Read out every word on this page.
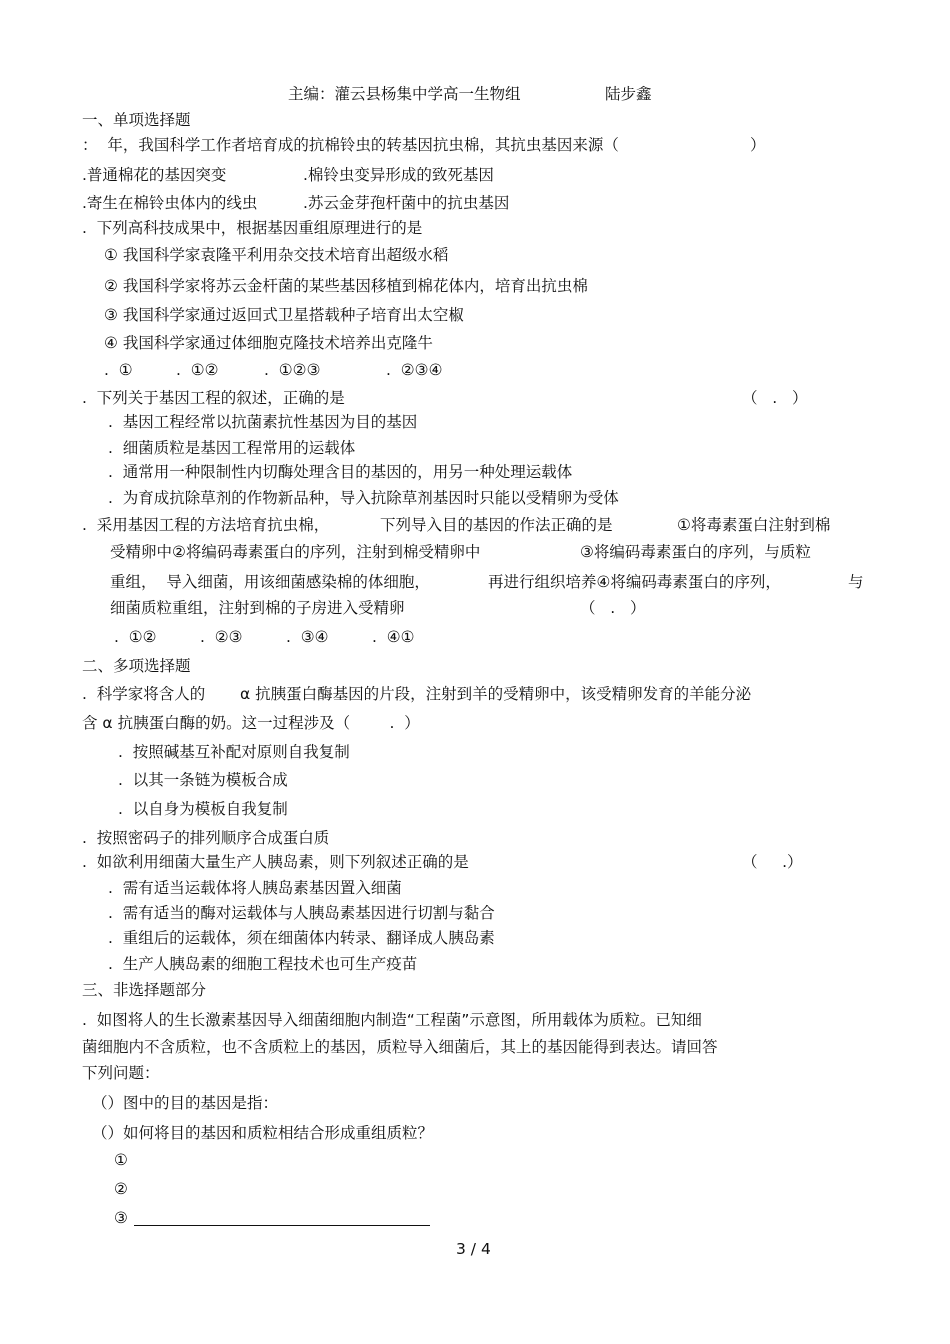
主编：灌云县杨集中学高一生物组	陆步鑫
一、单项选择题
：  年，我国科学工作者培育成的抗棉铃虫的转基因抗虫棉，其抗虫基因来源（	）
.普通棉花的基因突变	.棉铃虫变异形成的致死基因
.寄生在棉铃虫体内的线虫	.苏云金芽孢杆菌中的抗虫基因
.  下列高科技成果中，根据基因重组原理进行的是
① 我国科学家袁隆平利用杂交技术培育出超级水稻
② 我国科学家将苏云金杆菌的某些基因移植到棉花体内，培育出抗虫棉
③ 我国科学家通过返回式卫星搭载种子培育出太空椒
④ 我国科学家通过体细胞克隆技术培养出克隆牛
.  ①	.  ①②	.  ①②③	.  ②③④
.  下列关于基因工程的叙述，正确的是	（   .   ）
.  基因工程经常以抗菌素抗性基因为目的基因
.  细菌质粒是基因工程常用的运载体
.  通常用一种限制性内切酶处理含目的基因的，用另一种处理运载体
.  为育成抗除草剂的作物新品种，导入抗除草剂基因时只能以受精卵为受体
.  采用基因工程的方法培育抗虫棉，	下列导入目的基因的作法正确的是	①将毒素蛋白注射到棉
受精卵中②将编码毒素蛋白的序列，注射到棉受精卵中	③将编码毒素蛋白的序列，与质粒
重组，  导入细菌，用该细菌感染棉的体细胞，	再进行组织培养④将编码毒素蛋白的序列，	与
细菌质粒重组，注射到棉的子房进入受精卵	（   .   ）
.  ①②	.  ②③	.  ③④	.  ④①
二、多项选择题
.  科学家将含人的 α 抗胰蛋白酶基因的片段，注射到羊的受精卵中，该受精卵发育的羊能分泌
含 α 抗胰蛋白酶的奶。这一过程涉及（        .  ）
.  按照碱基互补配对原则自我复制
.  以其一条链为模板合成
.  以自身为模板自我复制
.  按照密码子的排列顺序合成蛋白质
.  如欲利用细菌大量生产人胰岛素，则下列叙述正确的是	（     .）
.  需有适当运载体将人胰岛素基因置入细菌
.  需有适当的酶对运载体与人胰岛素基因进行切割与黏合
.  重组后的运载体，须在细菌体内转录、翻译成人胰岛素
.  生产人胰岛素的细胞工程技术也可生产疫苗
三、非选择题部分
.  如图将人的生长激素基因导入细菌细胞内制造“工程菌”示意图，所用载体为质粒。已知细
菌细胞内不含质粒，也不含质粒上的基因，质粒导入细菌后，其上的基因能得到表达。请回答
下列问题：
（）图中的目的基因是指：
（）如何将目的基因和质粒相结合形成重组质粒？
①
②
③
3 / 4
